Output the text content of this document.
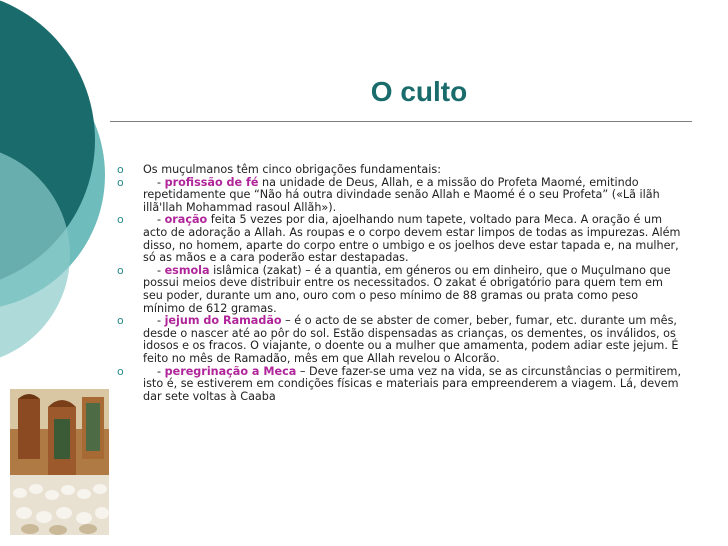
O culto
o Os muçulmanos têm cinco obrigações fundamentais:
o	- profissão de fé na unidade de Deus, Allah, e a missão do Profeta Maomé, emitindo repetidamente que “Não há outra divindade senão Allah e Maomé é o seu Profeta” («Lã ilãh illã'llah Mohammad rasoul Allãh»).
o	- oração feita 5 vezes por dia, ajoelhando num tapete, voltado para Meca. A oração é um acto de adoração a Allah. As roupas e o corpo devem estar limpos de todas as impurezas. Além disso, no homem, aparte do corpo entre o umbigo e os joelhos deve estar tapada e, na mulher, só as mãos e a cara poderão estar destapadas.
o	- esmola islâmica (zakat) – é a quantia, em géneros ou em dinheiro, que o Muçulmano que possui meios deve distribuir entre os necessitados. O zakat é obrigatório para quem tem em seu poder, durante um ano, ouro com o peso mínimo de 88 gramas ou prata como peso mínimo de 612 gramas.
o	- jejum do Ramadão – é o acto de se abster de comer, beber, fumar, etc. durante um mês, desde o nascer até ao pôr do sol. Estão dispensadas as crianças, os dementes, os inválidos, os idosos e os fracos. O viajante, o doente ou a mulher que amamenta, podem adiar este jejum. É feito no mês de Ramadão, mês em que Allah revelou o Alcorão.
o	- peregrinação a Meca – Deve fazer-se uma vez na vida, se as circunstâncias o permitirem, isto é, se estiverem em condições físicas e materiais para empreenderem a viagem. Lá, devem dar sete voltas à Caaba
